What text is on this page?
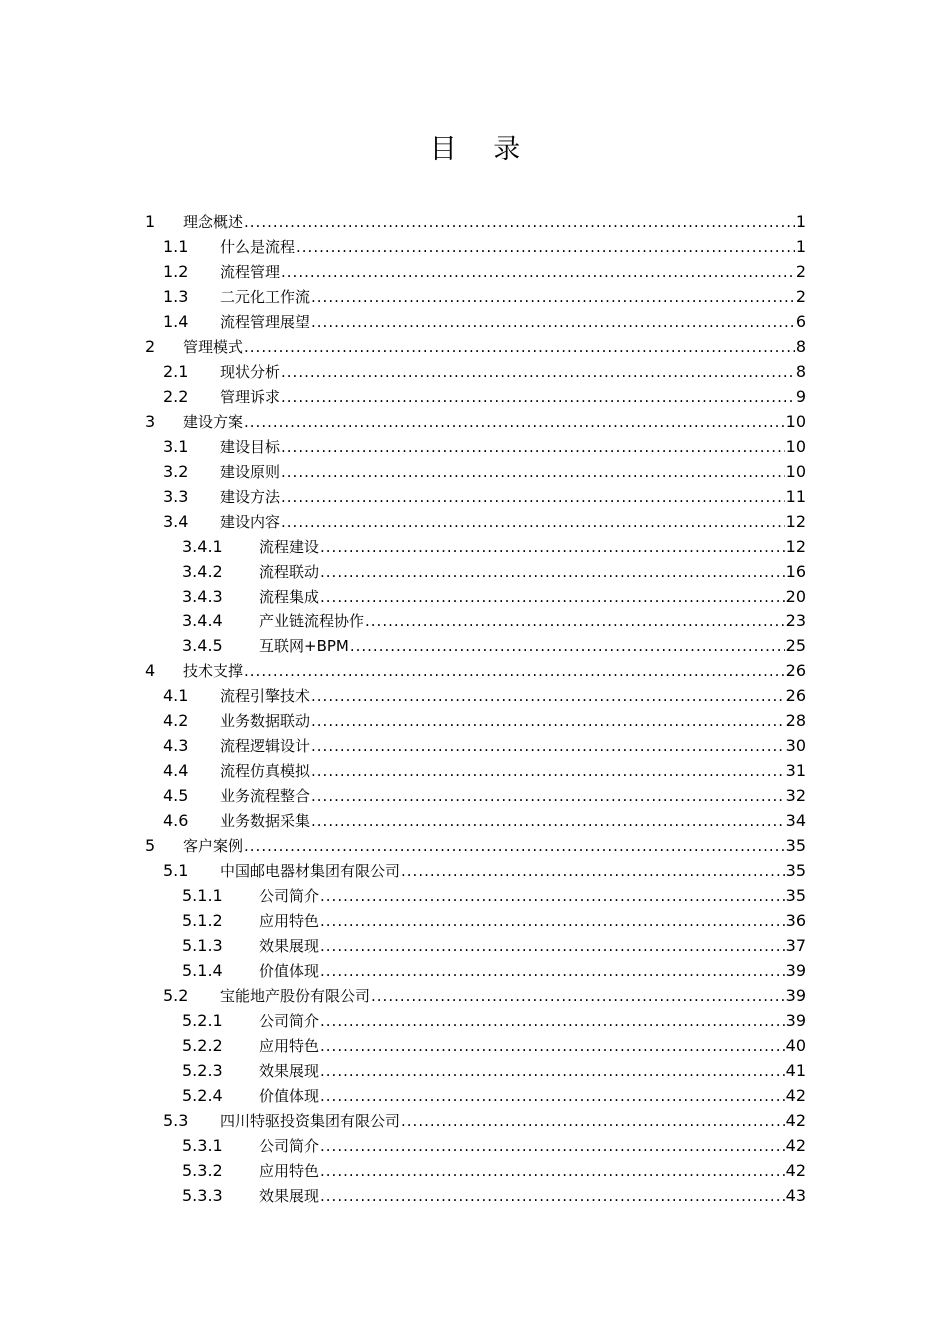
目 录
1	理念概述 .....	1
1.1	什么是流程 .....	1
1.2	流程管理 .....	2
1.3	二元化工作流 .....	2
1.4	流程管理展望 .....	6
2	管理模式 .....	8
2.1	现状分析 .....	8
2.2	管理诉求 .....	9
3	建设方案 .....	10
3.1	建设目标 .....	10
3.2	建设原则 .....	10
3.3	建设方法 .....	11
3.4	建设内容 .....	12
3.4.1	流程建设 .....	12
3.4.2	流程联动 .....	16
3.4.3	流程集成 .....	20
3.4.4	产业链流程协作 .....	23
3.4.5	互联网+BPM .....	25
4	技术支撑 .....	26
4.1	流程引擎技术 .....	26
4.2	业务数据联动 .....	28
4.3	流程逻辑设计 .....	30
4.4	流程仿真模拟 .....	31
4.5	业务流程整合 .....	32
4.6	业务数据采集 .....	34
5	客户案例 .....	35
5.1	中国邮电器材集团有限公司 .....	35
5.1.1	公司简介 .....	35
5.1.2	应用特色 .....	36
5.1.3	效果展现 .....	37
5.1.4	价值体现 .....	39
5.2	宝能地产股份有限公司 .....	39
5.2.1	公司简介 .....	39
5.2.2	应用特色 .....	40
5.2.3	效果展现 .....	41
5.2.4	价值体现 .....	42
5.3	四川特驱投资集团有限公司 .....	42
5.3.1	公司简介 .....	42
5.3.2	应用特色 .....	42
5.3.3	效果展现 .....	43
